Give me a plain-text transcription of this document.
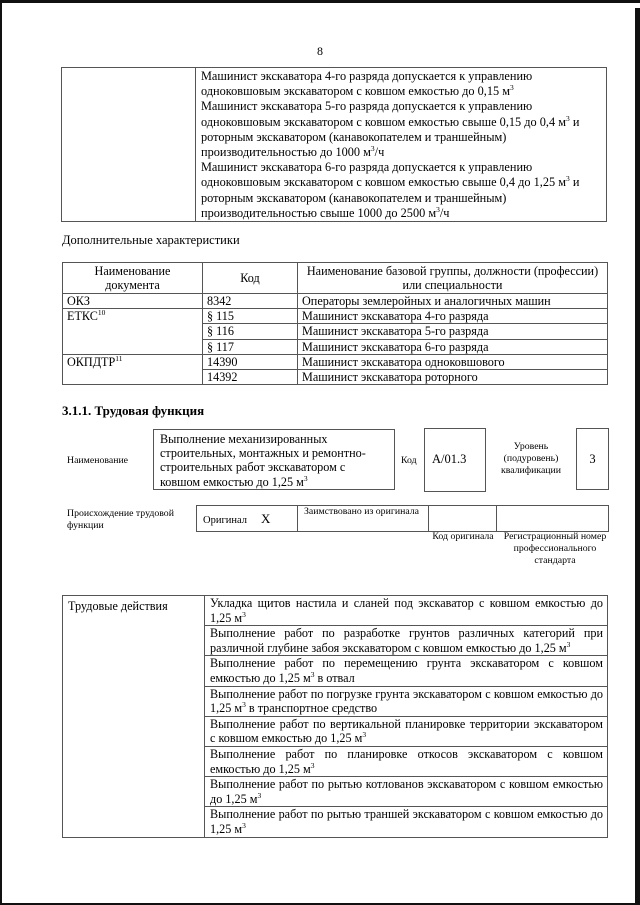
8

Машинист экскаватора 4-го разряда допускается к управлению
одноковшовым экскаватором с ковшом емкостью до 0,15 $м^3$
Машинист экскаватора 5-го разряда допускается к управлению
одноковшовым экскаватором с ковшом емкостью свыше 0,15 до 0,4 $м^3$ и
роторным экскаватором (канавокопателем и траншейным)
производительностью до 1000 $м^3/ч$
Машинист экскаватора 6-го разряда допускается к управлению
одноковшовым экскаватором с ковшом емкостью свыше 0,4 до 1,25 $м^3$ и
роторным экскаватором (канавокопателем и траншейным)
производительностью свыше 1000 до 2500 $м^3/ч$
Дополнительные характеристики
Наименование документа	Код	Наименование базовой группы, должности (профессии) или специальности
ОКЗ	8342	Операторы землеройных и аналогичных машин
ЕТКС$^{10}$	§ 115	Машинист экскаватора 4-го разряда
	§ 116	Машинист экскаватора 5-го разряда
	§ 117	Машинист экскаватора 6-го разряда
ОКПДТР$^{11}$	14390	Машинист экскаватора одноковшового
	14392	Машинист экскаватора роторного
3.1.1. Трудовая функция
Наименование
Выполнение механизированных строительных, монтажных и ремонтно-строительных работ экскаватором с ковшом емкостью до 1,25 $м^3$
Код	A/01.3
Уровень (подуровень) квалификации
3
Происхождение трудовой функции	Оригинал X	Заимствовано из оригинала		
Код оригинала	Регистрационный номер профессионального стандарта
Трудовые действия	Укладка щитов настила и сланей под экскаватор с ковшом емкостью до 1,25 $м^3$
Выполнение работ по разработке грунтов различных категорий при различной глубине забоя экскаватором с ковшом емкостью до 1,25 $м^3$
Выполнение работ по перемещению грунта экскаватором с ковшом емкостью до 1,25 $м^3$ в отвал
Выполнение работ по погрузке грунта экскаватором с ковшом емкостью до 1,25 $м^3$ в транспортное средство
Выполнение работ по вертикальной планировке территории экскаватором с ковшом емкостью до 1,25 $м^3$
Выполнение работ по планировке откосов экскаватором с ковшом емкостью до 1,25 $м^3$
Выполнение работ по рытью котлованов экскаватором с ковшом емкостью до 1,25 $м^3$
Выполнение работ по рытью траншей экскаватором с ковшом емкостью до 1,25 $м^3$
